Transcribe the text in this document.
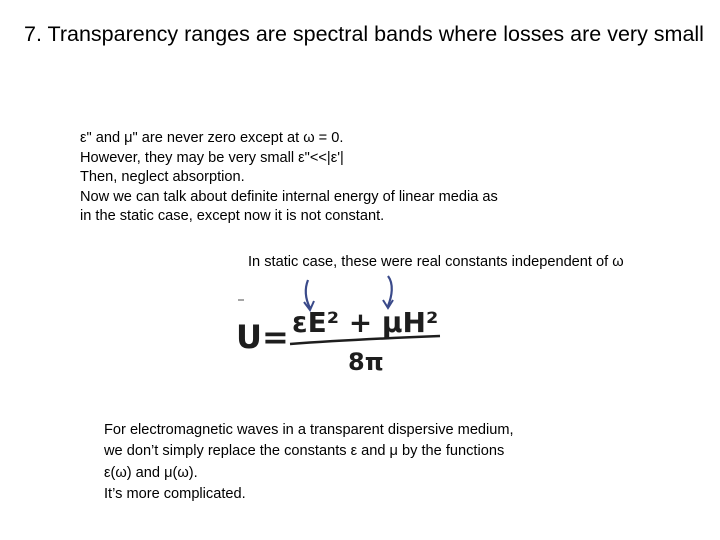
7. Transparency ranges are spectral bands where losses are very small
ε" and μ" are never zero except at ω = 0.
However, they may be very small ε"<<|ε'|
Then, neglect absorption.
Now we can talk about definite internal energy of linear media as
in the static case, except now it is not constant.
In static case, these were real constants independent of ω
U= εE² + μH²
8π
For electromagnetic waves in a transparent dispersive medium,
we don’t simply replace the constants ε and μ by the functions
ε(ω) and μ(ω).
It’s more complicated.
